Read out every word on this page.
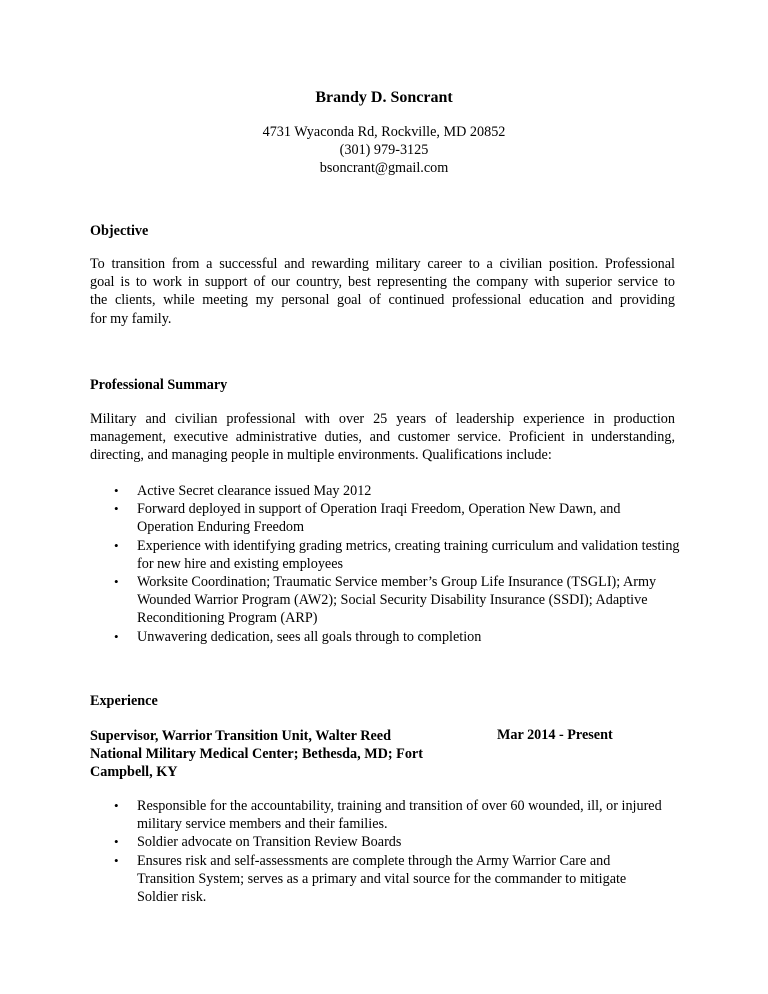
Brandy D. Soncrant
4731 Wyaconda Rd, Rockville, MD 20852
(301) 979-3125
bsoncrant@gmail.com
Objective
To transition from a successful and rewarding military career to a civilian position. Professional
goal is to work in support of our country, best representing the company with superior service to
the clients, while meeting my personal goal of continued professional education and providing
for my family.
Professional Summary
Military and civilian professional with over 25 years of leadership experience in production
management, executive administrative duties, and customer service. Proficient in understanding,
directing, and managing people in multiple environments. Qualifications include:
• Active Secret clearance issued May 2012
• Forward deployed in support of Operation Iraqi Freedom, Operation New Dawn, and Operation Enduring Freedom
• Experience with identifying grading metrics, creating training curriculum and validation testing for new hire and existing employees
• Worksite Coordination; Traumatic Service member’s Group Life Insurance (TSGLI); Army Wounded Warrior Program (AW2); Social Security Disability Insurance (SSDI); Adaptive Reconditioning Program (ARP)
• Unwavering dedication, sees all goals through to completion
Experience
Supervisor, Warrior Transition Unit, Walter Reed
National Military Medical Center; Bethesda, MD; Fort
Campbell, KY
Mar 2014 - Present
• Responsible for the accountability, training and transition of over 60 wounded, ill, or injured military service members and their families.
• Soldier advocate on Transition Review Boards
• Ensures risk and self-assessments are complete through the Army Warrior Care and Transition System; serves as a primary and vital source for the commander to mitigate Soldier risk.
